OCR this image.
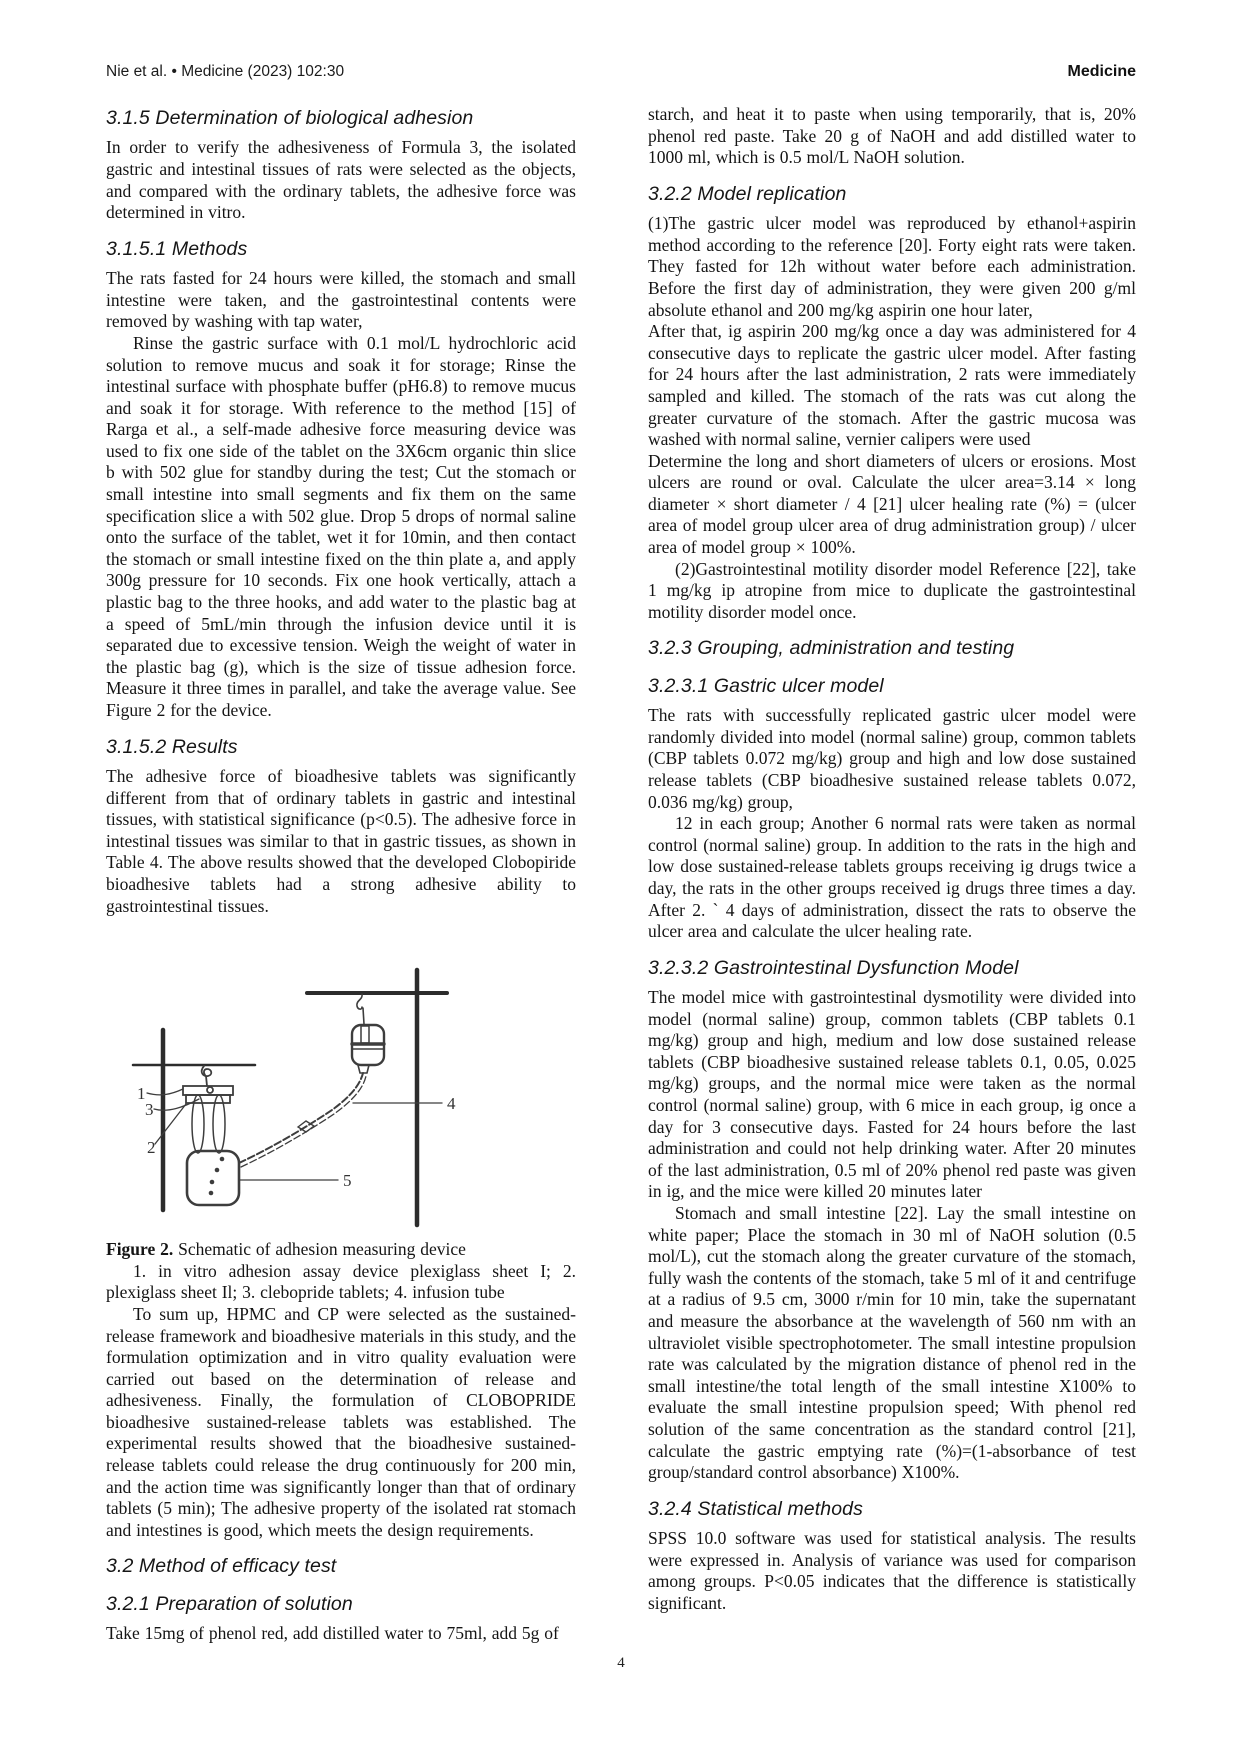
Nie et al. • Medicine (2023) 102:30	Medicine
3.1.5 Determination of biological adhesion
In order to verify the adhesiveness of Formula 3, the isolated gastric and intestinal tissues of rats were selected as the objects, and compared with the ordinary tablets, the adhesive force was determined in vitro.
3.1.5.1 Methods
The rats fasted for 24 hours were killed, the stomach and small intestine were taken, and the gastrointestinal contents were removed by washing with tap water,
Rinse the gastric surface with 0.1 mol/L hydrochloric acid solution to remove mucus and soak it for storage; Rinse the intestinal surface with phosphate buffer (pH6.8) to remove mucus and soak it for storage. With reference to the method [15] of Rarga et al., a self-made adhesive force measuring device was used to fix one side of the tablet on the 3X6cm organic thin slice b with 502 glue for standby during the test; Cut the stomach or small intestine into small segments and fix them on the same specification slice a with 502 glue. Drop 5 drops of normal saline onto the surface of the tablet, wet it for 10min, and then contact the stomach or small intestine fixed on the thin plate a, and apply 300g pressure for 10 seconds. Fix one hook vertically, attach a plastic bag to the three hooks, and add water to the plastic bag at a speed of 5mL/min through the infusion device until it is separated due to excessive tension. Weigh the weight of water in the plastic bag (g), which is the size of tissue adhesion force. Measure it three times in parallel, and take the average value. See Figure 2 for the device.
3.1.5.2 Results
The adhesive force of bioadhesive tablets was significantly different from that of ordinary tablets in gastric and intestinal tissues, with statistical significance (p<0.5). The adhesive force in intestinal tissues was similar to that in gastric tissues, as shown in Table 4. The above results showed that the developed Clobopiride bioadhesive tablets had a strong adhesive ability to gastrointestinal tissues.
1
3
2
4
5
Figure 2. Schematic of adhesion measuring device
1. in vitro adhesion assay device plexiglass sheet I; 2. plexiglass sheet Il; 3. clebopride tablets; 4. infusion tube
To sum up, HPMC and CP were selected as the sustained-release framework and bioadhesive materials in this study, and the formulation optimization and in vitro quality evaluation were carried out based on the determination of release and adhesiveness. Finally, the formulation of CLOBOPRIDE bioadhesive sustained-release tablets was established. The experimental results showed that the bioadhesive sustained-release tablets could release the drug continuously for 200 min, and the action time was significantly longer than that of ordinary tablets (5 min); The adhesive property of the isolated rat stomach and intestines is good, which meets the design requirements.
3.2 Method of efficacy test
3.2.1 Preparation of solution
Take 15mg of phenol red, add distilled water to 75ml, add 5g of
starch, and heat it to paste when using temporarily, that is, 20% phenol red paste. Take 20 g of NaOH and add distilled water to 1000 ml, which is 0.5 mol/L NaOH solution.
3.2.2 Model replication
(1)The gastric ulcer model was reproduced by ethanol+aspirin method according to the reference [20]. Forty eight rats were taken. They fasted for 12h without water before each administration. Before the first day of administration, they were given 200 g/ml absolute ethanol and 200 mg/kg aspirin one hour later,
After that, ig aspirin 200 mg/kg once a day was administered for 4 consecutive days to replicate the gastric ulcer model. After fasting for 24 hours after the last administration, 2 rats were immediately sampled and killed. The stomach of the rats was cut along the greater curvature of the stomach. After the gastric mucosa was washed with normal saline, vernier calipers were used
Determine the long and short diameters of ulcers or erosions. Most ulcers are round or oval. Calculate the ulcer area=3.14 × long diameter × short diameter / 4 [21] ulcer healing rate (%) = (ulcer area of model group ulcer area of drug administration group) / ulcer area of model group × 100%.
(2)Gastrointestinal motility disorder model Reference [22], take 1 mg/kg ip atropine from mice to duplicate the gastrointestinal motility disorder model once.
3.2.3 Grouping, administration and testing
3.2.3.1 Gastric ulcer model
The rats with successfully replicated gastric ulcer model were randomly divided into model (normal saline) group, common tablets (CBP tablets 0.072 mg/kg) group and high and low dose sustained release tablets (CBP bioadhesive sustained release tablets 0.072, 0.036 mg/kg) group,
12 in each group; Another 6 normal rats were taken as normal control (normal saline) group. In addition to the rats in the high and low dose sustained-release tablets groups receiving ig drugs twice a day, the rats in the other groups received ig drugs three times a day. After 2. ` 4 days of administration, dissect the rats to observe the ulcer area and calculate the ulcer healing rate.
3.2.3.2 Gastrointestinal Dysfunction Model
The model mice with gastrointestinal dysmotility were divided into model (normal saline) group, common tablets (CBP tablets 0.1 mg/kg) group and high, medium and low dose sustained release tablets (CBP bioadhesive sustained release tablets 0.1, 0.05, 0.025 mg/kg) groups, and the normal mice were taken as the normal control (normal saline) group, with 6 mice in each group, ig once a day for 3 consecutive days. Fasted for 24 hours before the last administration and could not help drinking water. After 20 minutes of the last administration, 0.5 ml of 20% phenol red paste was given in ig, and the mice were killed 20 minutes later
Stomach and small intestine [22]. Lay the small intestine on white paper; Place the stomach in 30 ml of NaOH solution (0.5 mol/L), cut the stomach along the greater curvature of the stomach, fully wash the contents of the stomach, take 5 ml of it and centrifuge at a radius of 9.5 cm, 3000 r/min for 10 min, take the supernatant and measure the absorbance at the wavelength of 560 nm with an ultraviolet visible spectrophotometer. The small intestine propulsion rate was calculated by the migration distance of phenol red in the small intestine/the total length of the small intestine X100% to evaluate the small intestine propulsion speed; With phenol red solution of the same concentration as the standard control [21], calculate the gastric emptying rate (%)=(1-absorbance of test group/standard control absorbance) X100%.
3.2.4 Statistical methods
SPSS 10.0 software was used for statistical analysis. The results were expressed in. Analysis of variance was used for comparison among groups. P<0.05 indicates that the difference is statistically significant.
4
